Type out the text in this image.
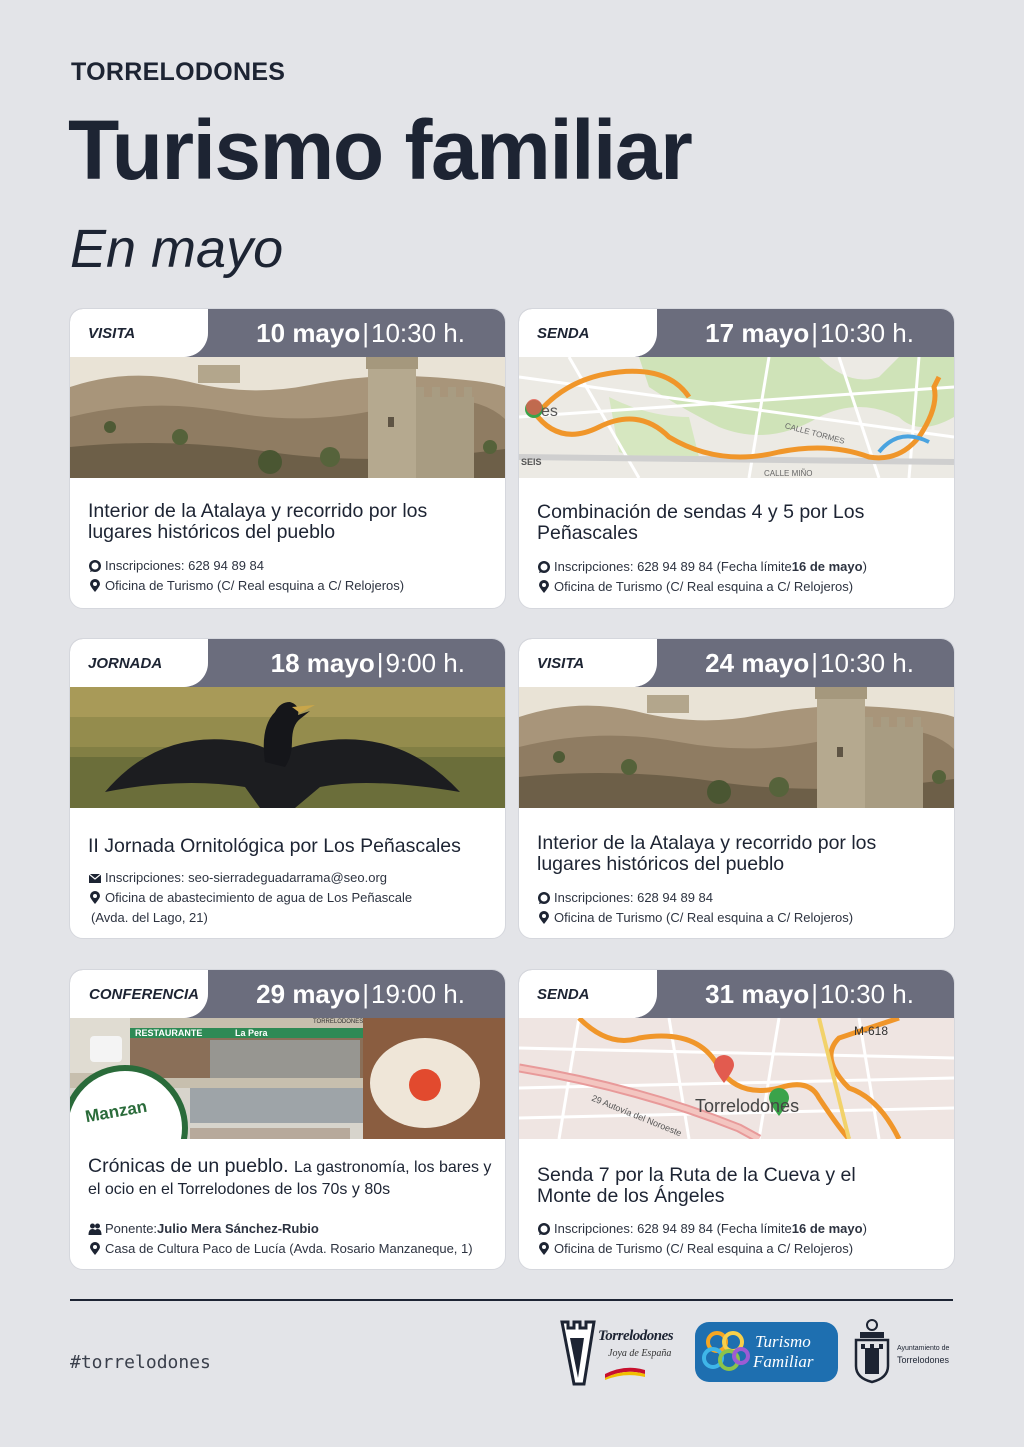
TORRELODONES
Turismo familiar
En mayo
VISITA	10 mayo|10:30 h.
Interior de la Atalaya y recorrido por los lugares históricos del pueblo
Inscripciones: 628 94 89 84
Oficina de Turismo (C/ Real esquina a C/ Relojeros)
SENDA	17 mayo|10:30 h.
es
CALLE TORMES
CALLE MIÑO
SEIS
Combinación de sendas 4 y 5 por Los Peñascales
Inscripciones: 628 94 89 84 (Fecha límite 16 de mayo )
Oficina de Turismo (C/ Real esquina a C/ Relojeros)
JORNADA	18 mayo|9:00 h.
II Jornada Ornitológica por Los Peñascales
Inscripciones: seo-sierradeguadarrama@seo.org
Oficina de abastecimiento de agua de Los Peñascale
(Avda. del Lago, 21)
VISITA	24 mayo|10:30 h.
Interior de la Atalaya y recorrido por los lugares históricos del pueblo
Inscripciones: 628 94 89 84
Oficina de Turismo (C/ Real esquina a C/ Relojeros)
CONFERENCIA	29 mayo|19:00 h.
RESTAURANTE	La Pera
TORRELODONES
Manzan
Crónicas de un pueblo. La gastronomía, los bares y el ocio en el Torrelodones de los 70s y 80s
Ponente: Julio Mera Sánchez-Rubio
Casa de Cultura Paco de Lucía (Avda. Rosario Manzaneque, 1)
SENDA	31 mayo|10:30 h.
M-618
Torrelodones
29 Autovía del Noroeste
Senda 7 por la Ruta de la Cueva y el Monte de los Ángeles
Inscripciones: 628 94 89 84 (Fecha límite 16 de mayo )
Oficina de Turismo (C/ Real esquina a C/ Relojeros)
#torrelodones
Torrelodones
Joya de España
Turismo
Familiar
Ayuntamiento de
Torrelodones
